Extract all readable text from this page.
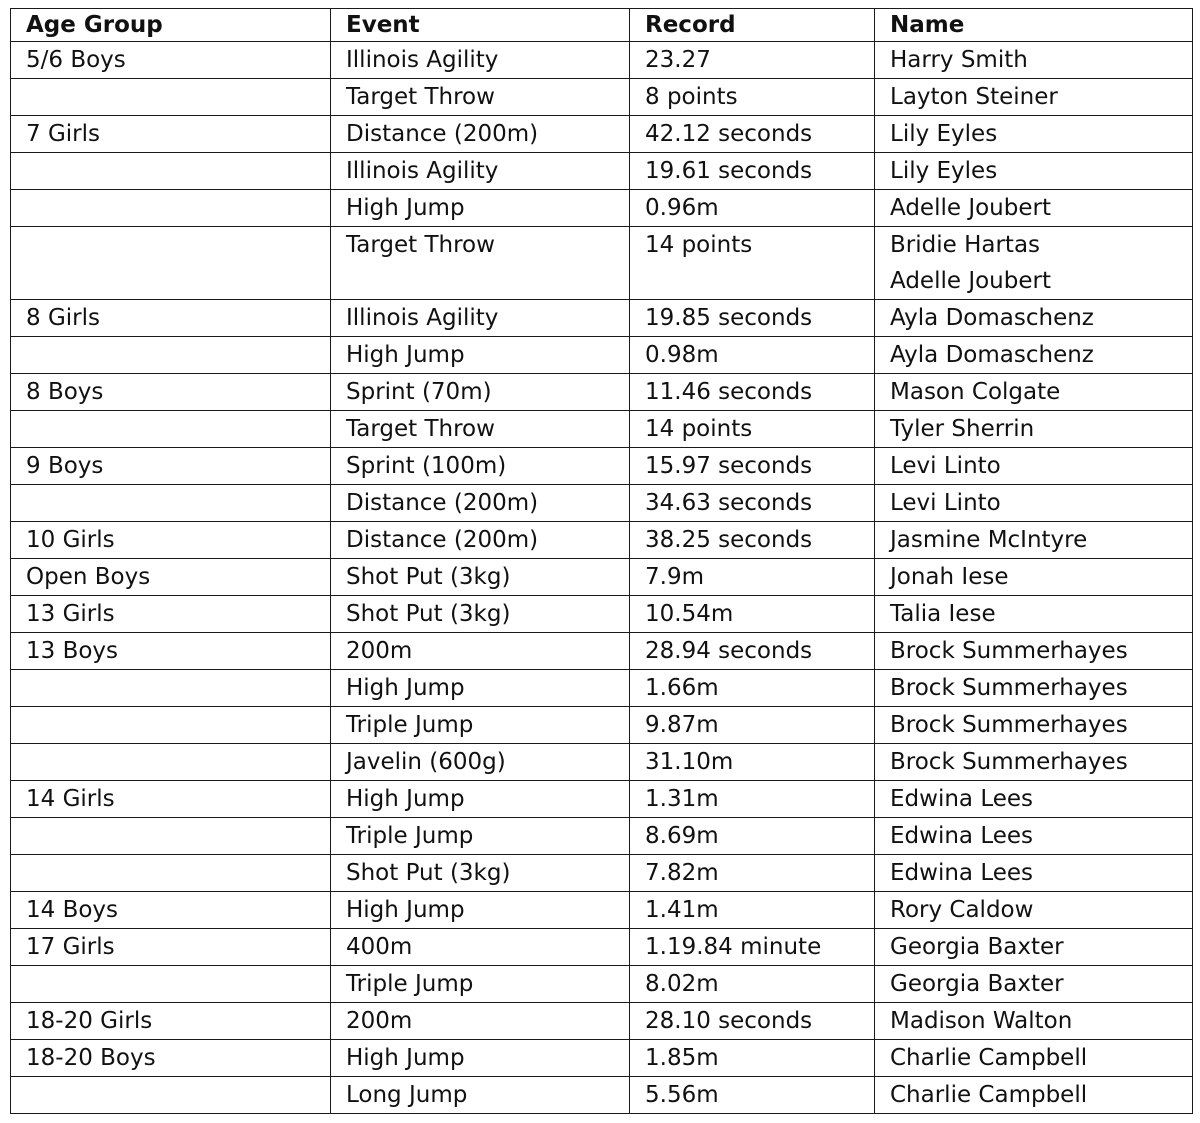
Age Group	Event	Record	Name
5/6 Boys	Illinois Agility	23.27	Harry Smith

	Target Throw	8 points	Layton Steiner

7 Girls	Distance (200m)	42.12 seconds	Lily Eyles

	Illinois Agility	19.61 seconds	Lily Eyles

	High Jump	0.96m	Adelle Joubert

	Target Throw	14 points	Bridie Hartas
Adelle Joubert

8 Girls	Illinois Agility	19.85 seconds	Ayla Domaschenz

	High Jump	0.98m	Ayla Domaschenz

8 Boys	Sprint (70m)	11.46 seconds	Mason Colgate

	Target Throw	14 points	Tyler Sherrin

9 Boys	Sprint (100m)	15.97 seconds	Levi Linto

	Distance (200m)	34.63 seconds	Levi Linto

10 Girls	Distance (200m)	38.25 seconds	Jasmine McIntyre

Open Boys	Shot Put (3kg)	7.9m	Jonah Iese

13 Girls	Shot Put (3kg)	10.54m	Talia Iese

13 Boys	200m	28.94 seconds	Brock Summerhayes

	High Jump	1.66m	Brock Summerhayes

	Triple Jump	9.87m	Brock Summerhayes

	Javelin (600g)	31.10m	Brock Summerhayes

14 Girls	High Jump	1.31m	Edwina Lees

	Triple Jump	8.69m	Edwina Lees

	Shot Put (3kg)	7.82m	Edwina Lees

14 Boys	High Jump	1.41m	Rory Caldow

17 Girls	400m	1.19.84 minute	Georgia Baxter

	Triple Jump	8.02m	Georgia Baxter

18-20 Girls	200m	28.10 seconds	Madison Walton

18-20 Boys	High Jump	1.85m	Charlie Campbell

	Long Jump	5.56m	Charlie Campbell
